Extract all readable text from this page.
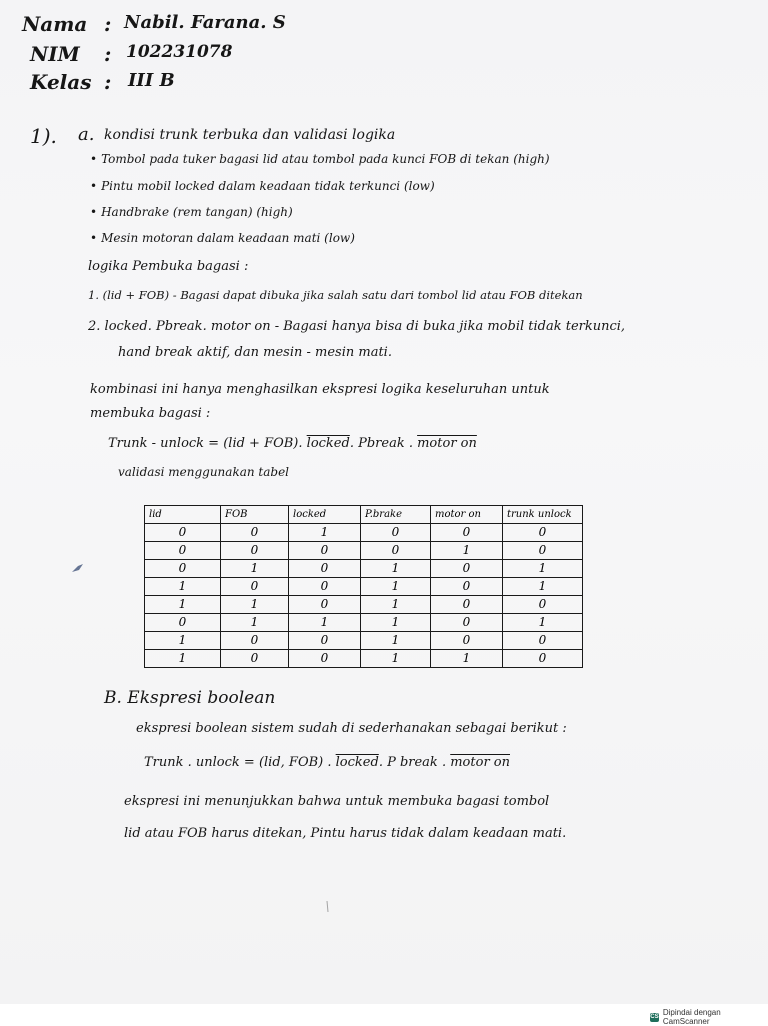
Nama : Nabil. Farana. S
NIM : 102231078
Kelas : III B
1). a. kondisi trunk terbuka dan validasi logika
• Tombol pada tuker bagasi lid atau tombol pada kunci FOB di tekan (high)
• Pintu mobil locked dalam keadaan tidak terkunci (low)
• Handbrake (rem tangan) (high)
• Mesin motoran dalam keadaan mati (low)
logika Pembuka bagasi :
1. (lid + FOB) - Bagasi dapat dibuka jika salah satu dari tombol lid atau FOB ditekan
2. locked. Pbreak. motor on - Bagasi hanya bisa di buka jika mobil tidak terkunci,
hand break aktif, dan mesin - mesin mati.
kombinasi ini hanya menghasilkan ekspresi logika keseluruhan untuk
membuka bagasi :
Trunk - unlock = (lid + FOB). locked. Pbreak . motor on
validasi menggunakan tabel
lid	FOB	locked	P.brake	motor on	trunk unlock
0	0	1	0	0	0
0	0	0	0	1	0
0	1	0	1	0	1
1	0	0	1	0	1
1	1	0	1	0	0
0	1	1	1	0	1
1	0	0	1	0	0
1	0	0	1	1	0
B. Ekspresi boolean
ekspresi boolean sistem sudah di sederhanakan sebagai berikut :
Trunk . unlock = (lid, FOB) . locked. P break . motor on
ekspresi ini menunjukkan bahwa untuk membuka bagasi tombol
lid atau FOB harus ditekan, Pintu harus tidak dalam keadaan mati.
CS Dipindai dengan CamScanner
